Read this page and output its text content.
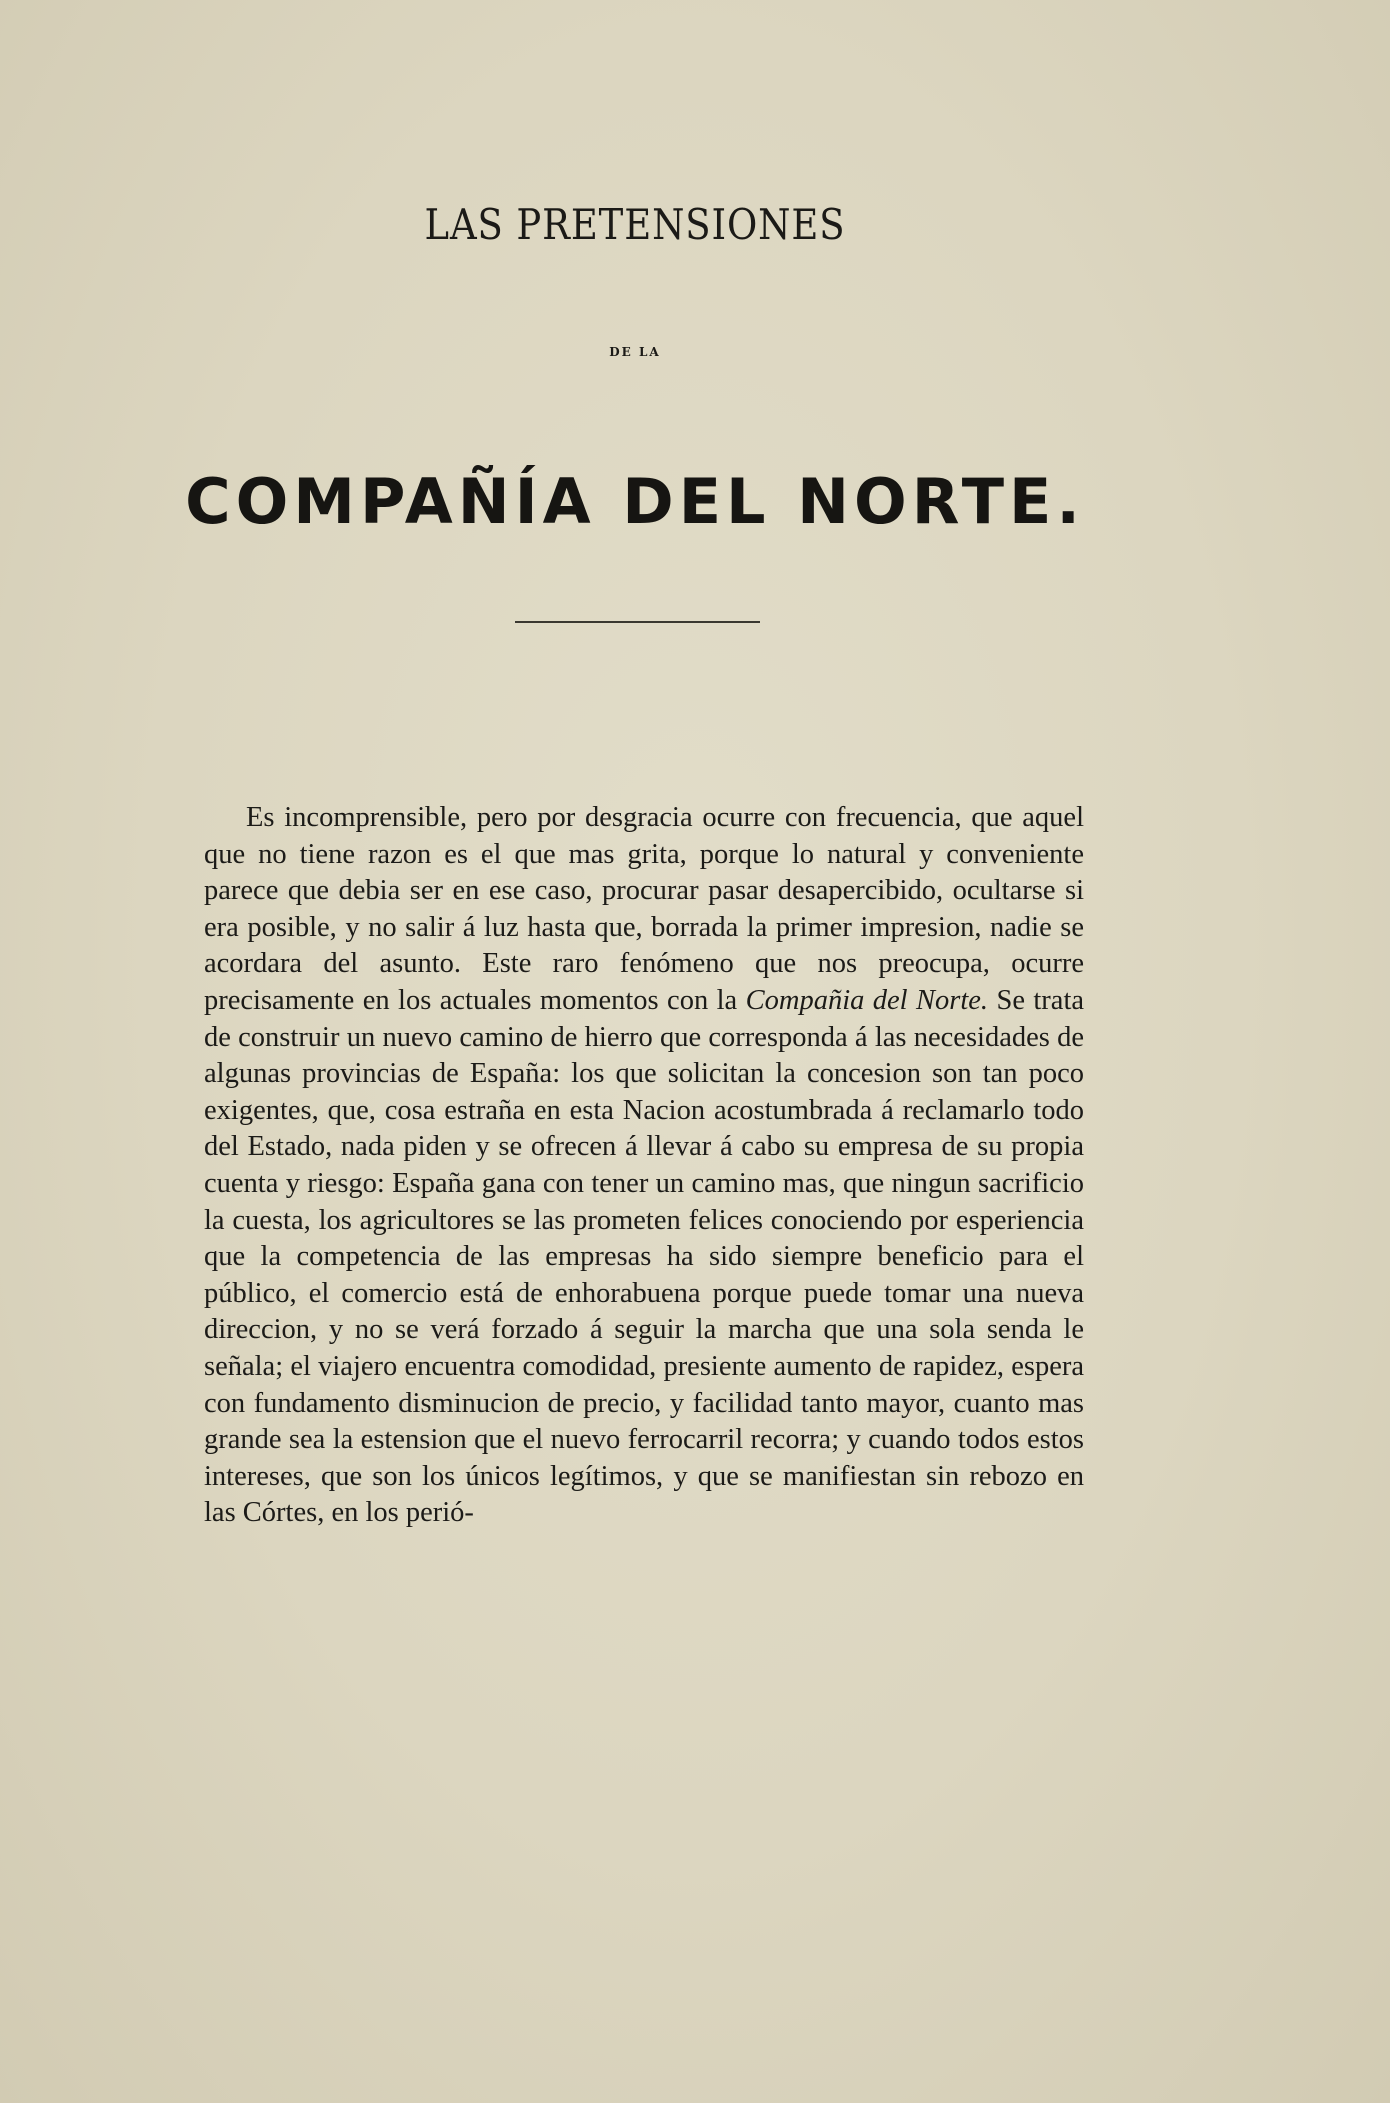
LAS PRETENSIONES
DE LA
COMPAÑÍA DEL NORTE.

Es incomprensible, pero por desgracia ocurre con frecuencia, que aquel que no tiene razon es el que mas grita, porque lo natural y conveniente parece que debia ser en ese caso, procurar pasar desapercibido, ocultarse si era posible, y no salir á luz hasta que, borrada la primer impresion, nadie se acordara del asunto. Este raro fenómeno que nos preocupa, ocurre precisamente en los actuales momentos con la Compañia del Norte. Se trata de construir un nuevo camino de hierro que corresponda á las necesidades de algunas provincias de España: los que solicitan la concesion son tan poco exigentes, que, cosa estraña en esta Nacion acostumbrada á reclamarlo todo del Estado, nada piden y se ofrecen á llevar á cabo su empresa de su propia cuenta y riesgo: España gana con tener un camino mas, que ningun sacrificio la cuesta, los agricultores se las prometen felices conociendo por esperiencia que la competencia de las empresas ha sido siempre beneficio para el público, el comercio está de enhorabuena porque puede tomar una nueva direccion, y no se verá forzado á seguir la marcha que una sola senda le señala; el viajero encuentra comodidad, presiente aumento de rapidez, espera con fundamento disminucion de precio, y facilidad tanto mayor, cuanto mas grande sea la estension que el nuevo ferrocarril recorra; y cuando todos estos intereses, que son los únicos legítimos, y que se manifiestan sin rebozo en las Córtes, en los perió-
